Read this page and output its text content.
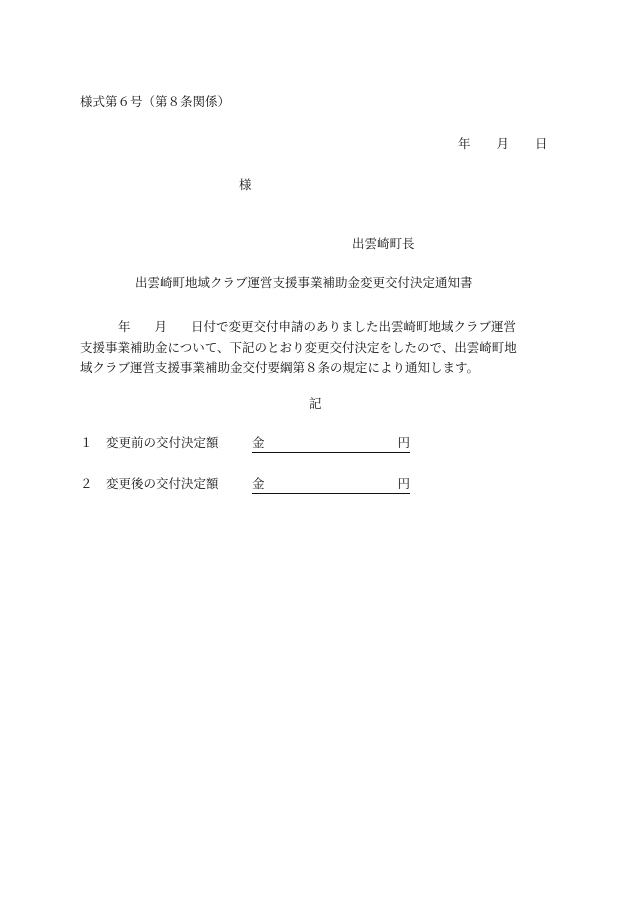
様式第６号（第８条関係）
年 月 日
様
出雲崎町長
出雲崎町地域クラブ運営支援事業補助金変更交付決定通知書
年 月 日付で変更交付申請のありました出雲崎町地域クラブ運営
支援事業補助金について、下記のとおり変更交付決定をしたので、出雲崎町地
域クラブ運営支援事業補助金交付要綱第８条の規定により通知します。
記
１ 変更前の交付決定額	金	円
２ 変更後の交付決定額	金	円
